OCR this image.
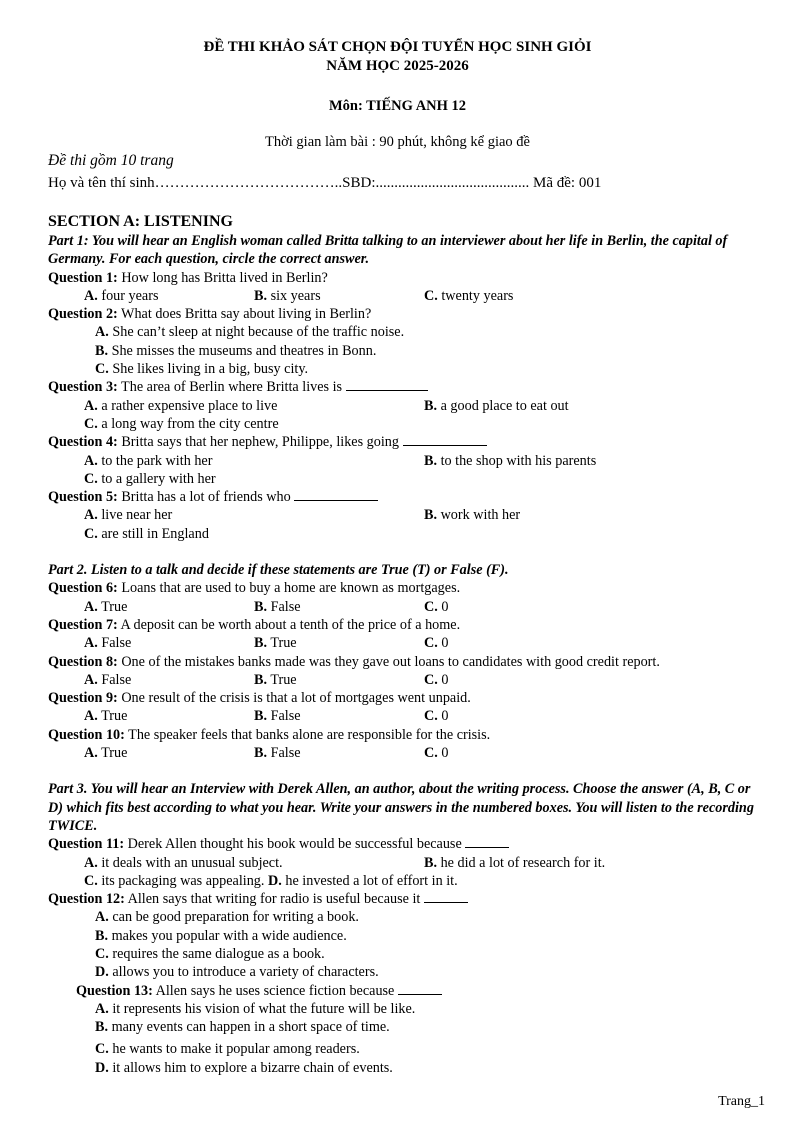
ĐỀ THI KHẢO SÁT CHỌN ĐỘI TUYỂN HỌC SINH GIỎI
NĂM HỌC 2025-2026
Môn: TIẾNG ANH 12
Thời gian làm bài : 90 phút, không kể giao đề
Đề thi gồm 10 trang
Họ và tên thí sinh………………………………..SBD:......................................... Mã đề: 001
SECTION A: LISTENING
Part 1: You will hear an English woman called Britta talking to an interviewer about her life in Berlin, the capital of Germany. For each question, circle the correct answer.
Question 1: How long has Britta lived in Berlin?
A. four years	B. six years	C. twenty years
Question 2: What does Britta say about living in Berlin?
A. She can’t sleep at night because of the traffic noise.
B. She misses the museums and theatres in Bonn.
C. She likes living in a big, busy city.
Question 3: The area of Berlin where Britta lives is
A. a rather expensive place to live	B. a good place to eat out
C. a long way from the city centre
Question 4: Britta says that her nephew, Philippe, likes going
A. to the park with her	B. to the shop with his parents
C. to a gallery with her
Question 5: Britta has a lot of friends who
A. live near her	B. work with her
C. are still in England
Part 2. Listen to a talk and decide if these statements are True (T) or False (F).
Question 6: Loans that are used to buy a home are known as mortgages.
A. True	B. False	C. 0
Question 7: A deposit can be worth about a tenth of the price of a home.
A. False	B. True	C. 0
Question 8: One of the mistakes banks made was they gave out loans to candidates with good credit report.
A. False	B. True	C. 0
Question 9: One result of the crisis is that a lot of mortgages went unpaid.
A. True	B. False	C. 0
Question 10: The speaker feels that banks alone are responsible for the crisis.
A. True	B. False	C. 0
Part 3. You will hear an Interview with Derek Allen, an author, about the writing process. Choose the answer (A, B, C or D) which fits best according to what you hear. Write your answers in the numbered boxes. You will listen to the recording TWICE.
Question 11: Derek Allen thought his book would be successful because
A. it deals with an unusual subject.	B. he did a lot of research for it.
C. its packaging was appealing. D. he invested a lot of effort in it.
Question 12: Allen says that writing for radio is useful because it
A. can be good preparation for writing a book.
B. makes you popular with a wide audience.
C. requires the same dialogue as a book.
D. allows you to introduce a variety of characters.
Question 13: Allen says he uses science fiction because
A. it represents his vision of what the future will be like.
B. many events can happen in a short space of time.
C. he wants to make it popular among readers.
D. it allows him to explore a bizarre chain of events.
Trang_1
